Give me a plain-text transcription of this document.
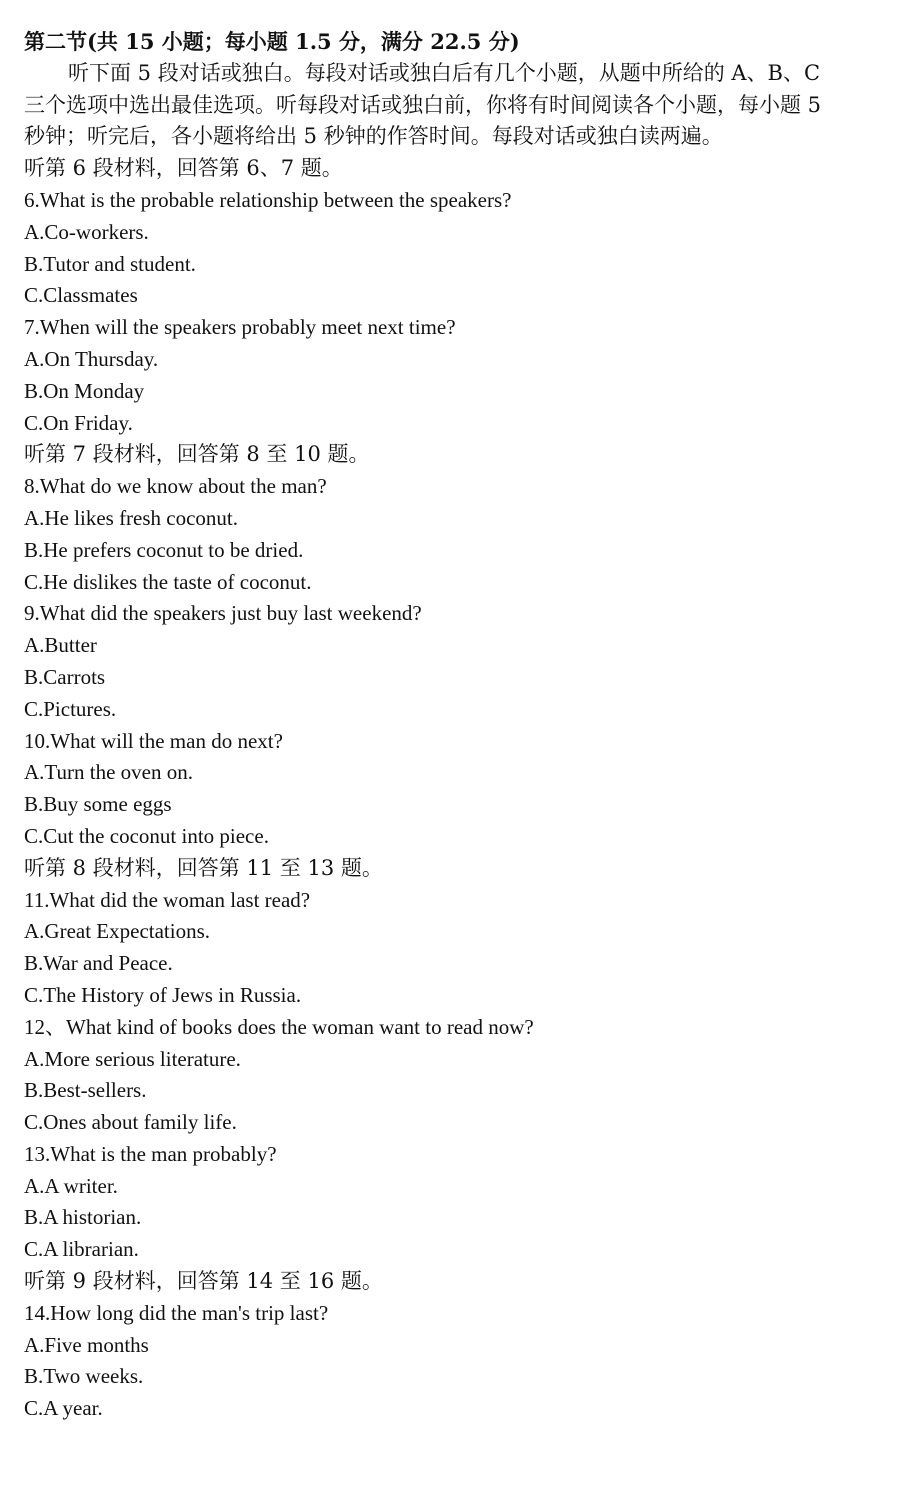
第二节(共 15 小题；每小题 1.5 分，满分 22.5 分)
听下面 5 段对话或独白。每段对话或独白后有几个小题，从题中所给的 A、B、C
三个选项中选出最佳选项。听每段对话或独白前，你将有时间阅读各个小题，每小题 5
秒钟；听完后，各小题将给出 5 秒钟的作答时间。每段对话或独白读两遍。
听第 6 段材料，回答第 6、7 题。
6.What is the probable relationship between the speakers?
A.Co-workers.
B.Tutor and student.
C.Classmates
7.When will the speakers probably meet next time?
A.On Thursday.
B.On Monday
C.On Friday.
听第 7 段材料，回答第 8 至 10 题。
8.What do we know about the man?
A.He likes fresh coconut.
B.He prefers coconut to be dried.
C.He dislikes the taste of coconut.
9.What did the speakers just buy last weekend?
A.Butter
B.Carrots
C.Pictures.
10.What will the man do next?
A.Turn the oven on.
B.Buy some eggs
C.Cut the coconut into piece.
听第 8 段材料，回答第 11 至 13 题。
11.What did the woman last read?
A.Great Expectations.
B.War and Peace.
C.The History of Jews in Russia.
12、What kind of books does the woman want to read now?
A.More serious literature.
B.Best-sellers.
C.Ones about family life.
13.What is the man probably?
A.A writer.
B.A historian.
C.A librarian.
听第 9 段材料，回答第 14 至 16 题。
14.How long did the man's trip last?
A.Five months
B.Two weeks.
C.A year.
